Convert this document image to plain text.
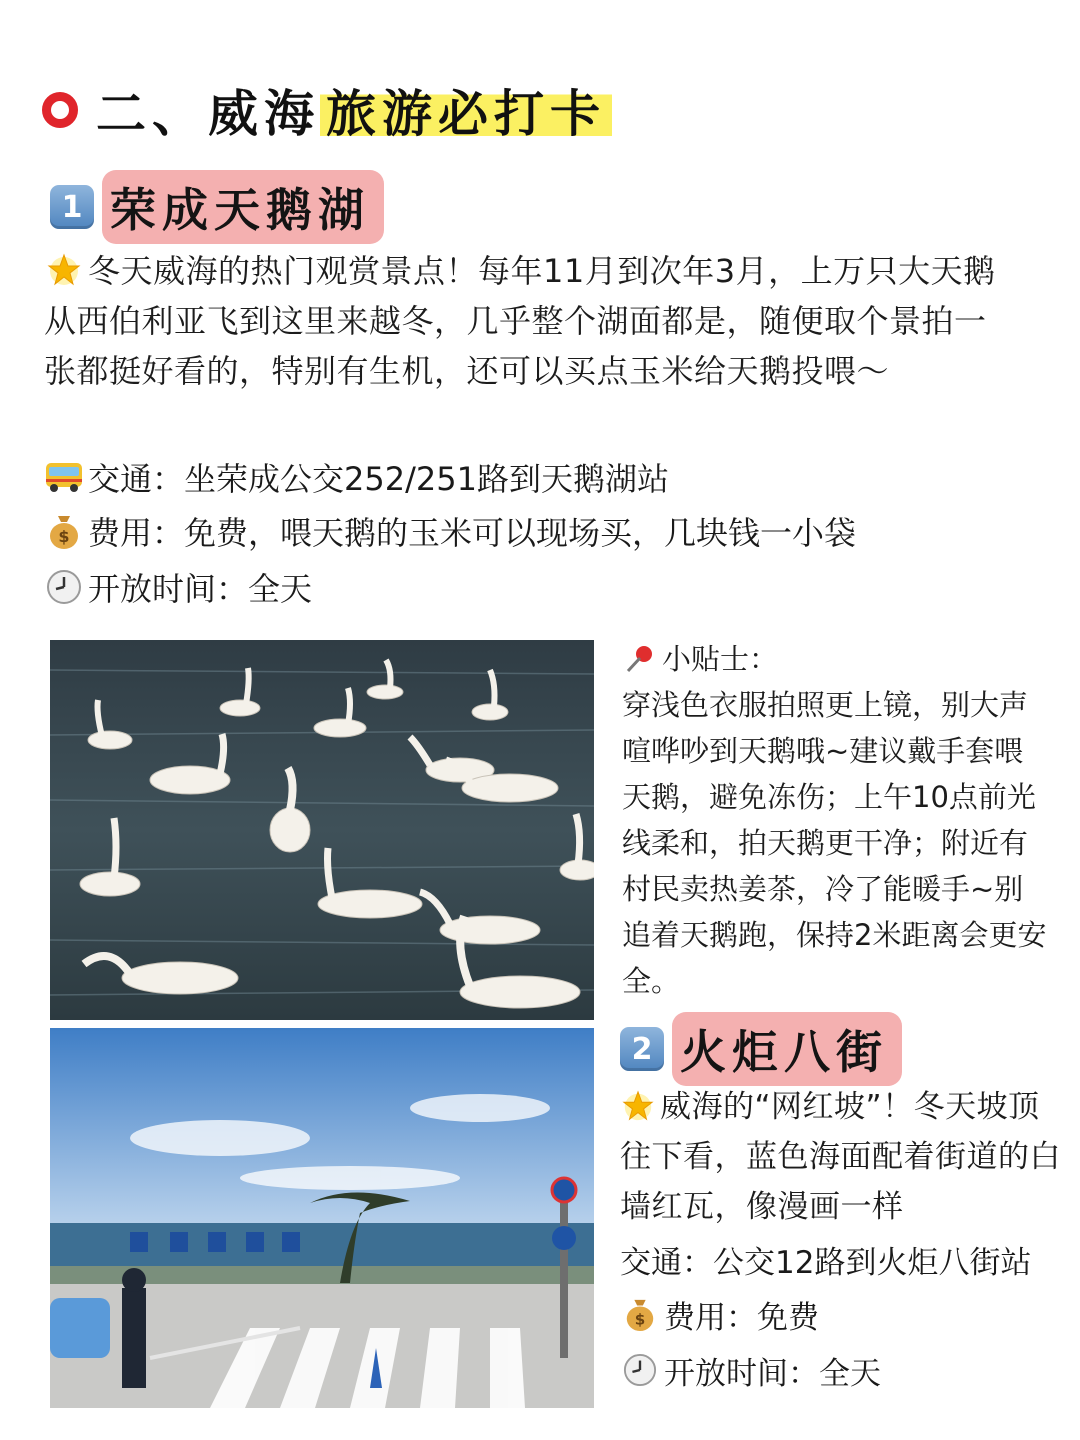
二、威海 旅游必打卡
1 荣成天鹅湖
冬天威海的热门观赏景点！每年11月到次年3月，上万只大天鹅从西伯利亚飞到这里来越冬，几乎整个湖面都是，随便取个景拍一张都挺好看的，特别有生机，还可以买点玉米给天鹅投喂～
交通：坐荣成公交252/251路到天鹅湖站
$ 费用：免费，喂天鹅的玉米可以现场买，几块钱一小袋
开放时间：全天
小贴士：
穿浅色衣服拍照更上镜，别大声喧哗吵到天鹅哦~建议戴手套喂天鹅，避免冻伤；上午10点前光线柔和，拍天鹅更干净；附近有村民卖热姜茶，冷了能暖手~别追着天鹅跑，保持2米距离会更安全。
2 火炬八街
威海的“网红坡”！冬天坡顶往下看，蓝色海面配着街道的白墙红瓦，像漫画一样
交通：公交12路到火炬八街站
$ 费用：免费
开放时间：全天
